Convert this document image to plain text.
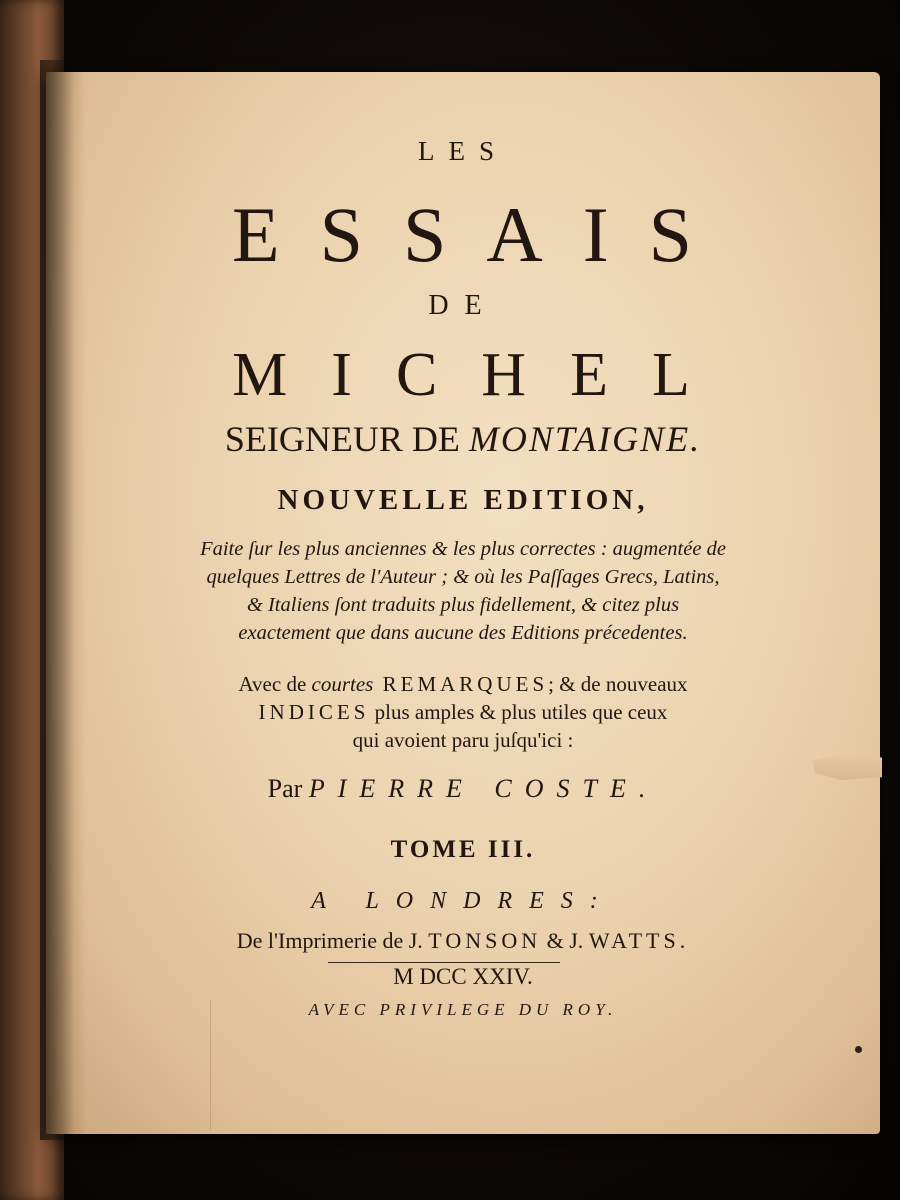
LES
ESSAIS
DE
MICHEL
SEIGNEUR DE MONTAIGNE.
NOUVELLE EDITION,
Faite ſur les plus anciennes & les plus correctes : augmentée de
quelques Lettres de l'Auteur ; & où les Paſſages Grecs, Latins,
& Italiens ſont traduits plus fidellement, & citez plus
exactement que dans aucune des Editions précedentes.
Avec de courtes REMARQUES; & de nouveaux
INDICES plus amples & plus utiles que ceux
qui avoient paru juſqu'ici :
Par PIERRE COSTE.
TOME III.
A LONDRES:
De l'Imprimerie de J. TONSON & J. WATTS.
M DCC XXIV.
AVEC PRIVILEGE DU ROY.
